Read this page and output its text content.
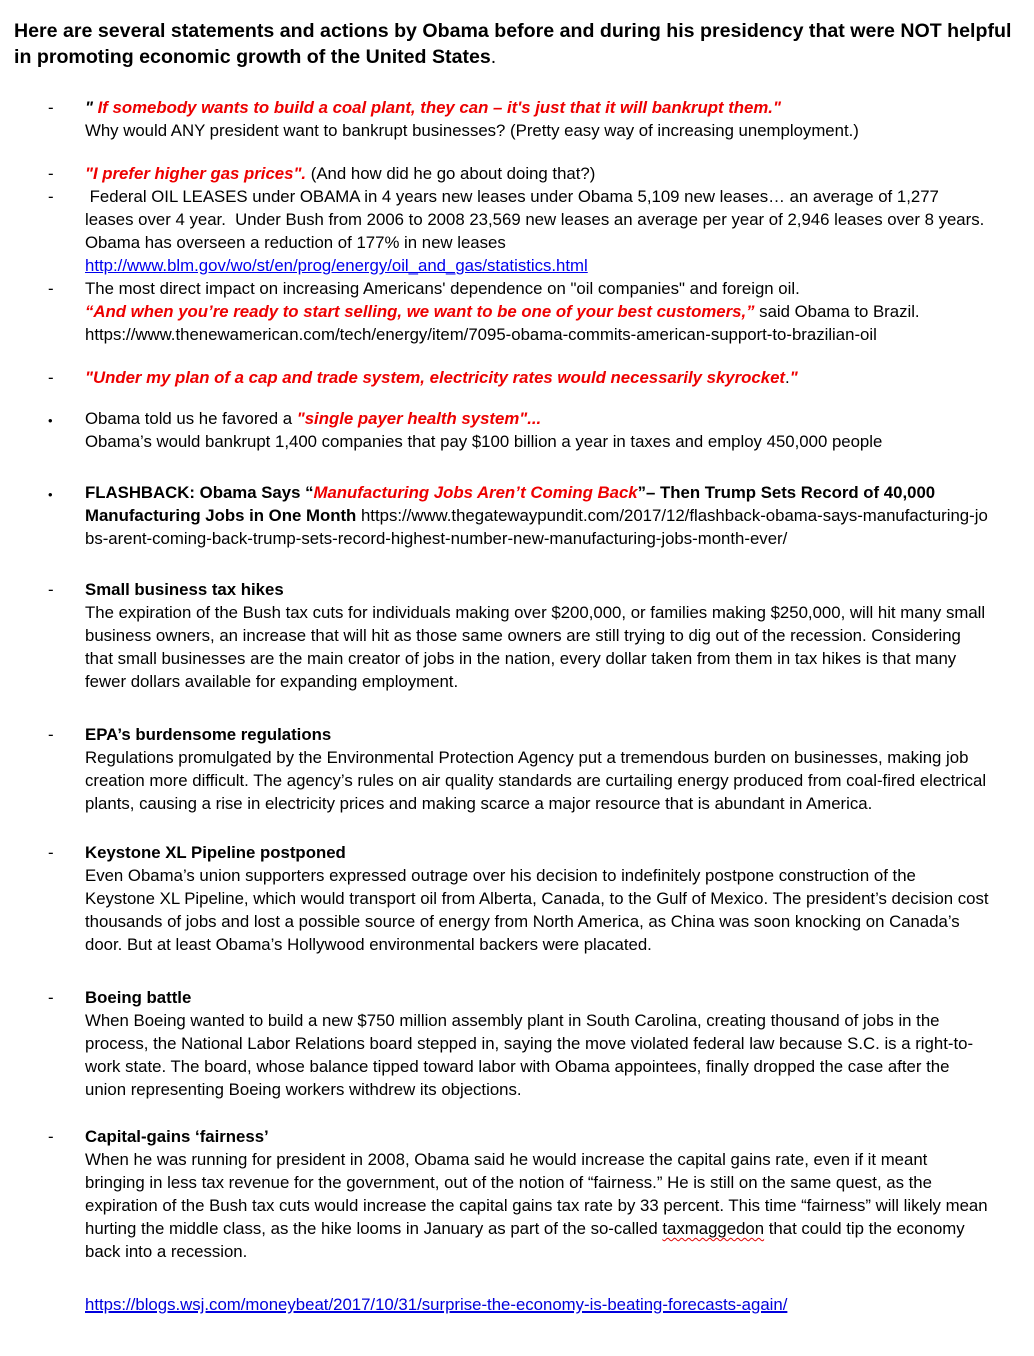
Here are several statements and actions by Obama before and during his presidency that were NOT helpful in promoting economic growth of the United States.
- " If somebody wants to build a coal plant, they can – it's just that it will bankrupt them."
Why would ANY president want to bankrupt businesses? (Pretty easy way of increasing unemployment.)
- "I prefer higher gas prices". (And how did he go about doing that?)
- Federal OIL LEASES under OBAMA in 4 years new leases under Obama 5,109 new leases… an average of 1,277 leases over 4 year.  Under Bush from 2006 to 2008 23,569 new leases an average per year of 2,946 leases over 8 years.  Obama has overseen a reduction of 177% in new leases
http://www.blm.gov/wo/st/en/prog/energy/oil_and_gas/statistics.html
- The most direct impact on increasing Americans' dependence on "oil companies" and foreign oil.
“And when you’re ready to start selling, we want to be one of your best customers,” said Obama to Brazil.
https://www.thenewamerican.com/tech/energy/item/7095-obama-commits-american-support-to-brazilian-oil
- "Under my plan of a cap and trade system, electricity rates would necessarily skyrocket."
• Obama told us he favored a "single payer health system"...
Obama’s would bankrupt 1,400 companies that pay $100 billion a year in taxes and employ 450,000 people
• FLASHBACK: Obama Says “Manufacturing Jobs Aren’t Coming Back”– Then Trump Sets Record of 40,000 Manufacturing Jobs in One Month https://www.thegatewaypundit.com/2017/12/flashback-obama-says-manufacturing-jobs-arent-coming-back-trump-sets-record-highest-number-new-manufacturing-jobs-month-ever/
- Small business tax hikes
The expiration of the Bush tax cuts for individuals making over $200,000, or families making $250,000, will hit many small business owners, an increase that will hit as those same owners are still trying to dig out of the recession. Considering that small businesses are the main creator of jobs in the nation, every dollar taken from them in tax hikes is that many fewer dollars available for expanding employment.
- EPA’s burdensome regulations
Regulations promulgated by the Environmental Protection Agency put a tremendous burden on businesses, making job creation more difficult. The agency’s rules on air quality standards are curtailing energy produced from coal-fired electrical plants, causing a rise in electricity prices and making scarce a major resource that is abundant in America.
- Keystone XL Pipeline postponed
Even Obama’s union supporters expressed outrage over his decision to indefinitely postpone construction of the Keystone XL Pipeline, which would transport oil from Alberta, Canada, to the Gulf of Mexico. The president’s decision cost thousands of jobs and lost a possible source of energy from North America, as China was soon knocking on Canada’s door. But at least Obama’s Hollywood environmental backers were placated.
- Boeing battle
When Boeing wanted to build a new $750 million assembly plant in South Carolina, creating thousand of jobs in the process, the National Labor Relations board stepped in, saying the move violated federal law because S.C. is a right-to-work state. The board, whose balance tipped toward labor with Obama appointees, finally dropped the case after the union representing Boeing workers withdrew its objections.
- Capital-gains ‘fairness’
When he was running for president in 2008, Obama said he would increase the capital gains rate, even if it meant bringing in less tax revenue for the government, out of the notion of “fairness.” He is still on the same quest, as the expiration of the Bush tax cuts would increase the capital gains tax rate by 33 percent. This time “fairness” will likely mean hurting the middle class, as the hike looms in January as part of the so-called taxmaggedon that could tip the economy back into a recession.
https://blogs.wsj.com/moneybeat/2017/10/31/surprise-the-economy-is-beating-forecasts-again/
